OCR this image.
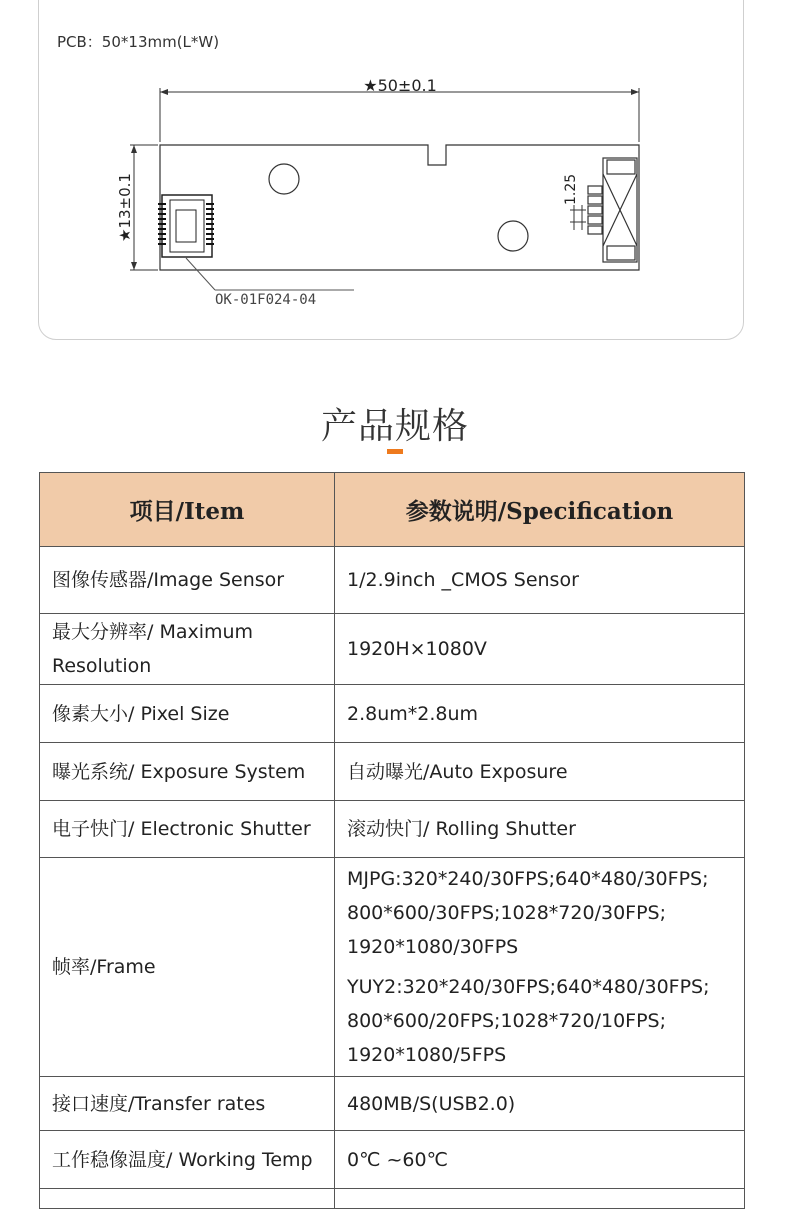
PCB：50*13mm(L*W)
★50±0.1
★13±0.1
OK-01F024-04
1.25
产品规格
项目/Item	参数说明/Specification
图像传感器/Image Sensor	1/2.9inch _CMOS Sensor
最大分辨率/ Maximum Resolution	1920H×1080V
像素大小/ Pixel Size	2.8um*2.8um
曝光系统/ Exposure System	自动曝光/Auto Exposure
电子快门/ Electronic Shutter	滚动快门/ Rolling Shutter
帧率/Frame	MJPG:320*240/30FPS;640*480/30FPS; 800*600/30FPS;1028*720/30FPS; 1920*1080/30FPS

YUY2:320*240/30FPS;640*480/30FPS; 800*600/20FPS;1028*720/10FPS; 1920*1080/5FPS

接口速度/Transfer rates	480MB/S(USB2.0)
工作稳像温度/ Working Temp	0℃ ~60℃
